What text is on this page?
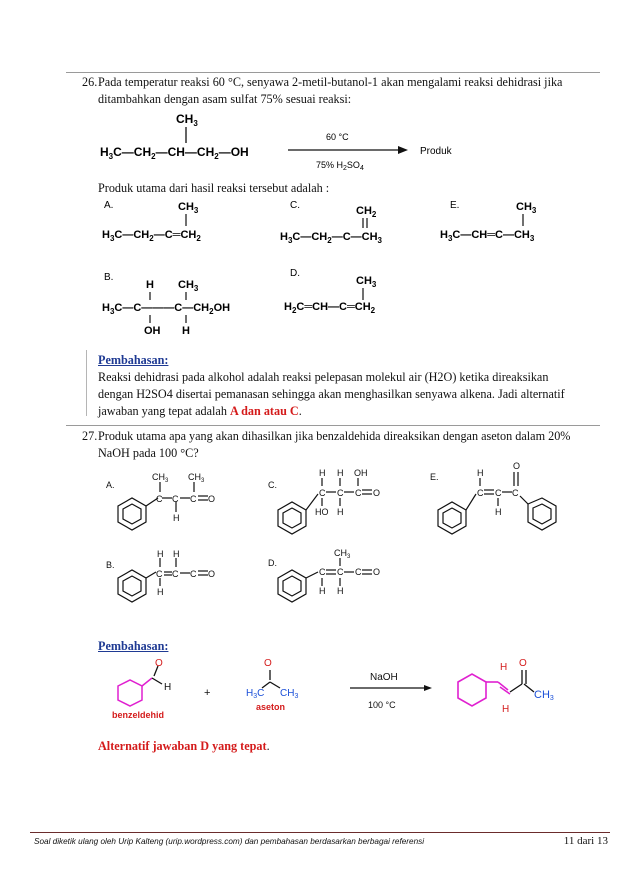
26. Pada temperatur reaksi 60 °C, senyawa 2-metil-butanol-1 akan mengalami reaksi dehidrasi jika
ditambahkan dengan asam sulfat 75% sesuai reaksi:
$CH_3$
$H_3C—CH_2—CH—CH_2—OH$
60 °C
75% $H_2SO_4$
Produk
Produk utama dari hasil reaksi tersebut adalah :
A.	$CH_3$
$H_3C—CH_2—C═CH_2$
C.	$CH_2$
$H_3C—CH_2—C—CH_3$
E.	$CH_3$
$H_3C—CH═C—CH_3$
B.
H $CH_3$
$H_3C—C———C—CH_2OH$
OH H
D.
$CH_3$
$H_2C═CH—C═CH_2$
Pembahasan:
Reaksi dehidrasi pada alkohol adalah reaksi pelepasan molekul air (H2O) ketika direaksikan
dengan H2SO4 disertai pemanasan sehingga akan menghasilkan senyawa alkena. Jadi alternatif
jawaban yang tepat adalah A dan atau C.
27. Produk utama apa yang akan dihasilkan jika benzaldehida direaksikan dengan aseton dalam 20%
NaOH pada 100 °C?
A.
$CH_3$ $CH_3$
C C C O
H
B.
H H
C C C O
H
C.
H H OH
C C C O
HO H
D.
$CH_3$
C C C O
H H
E.	H
O
C C C
H
Pembahasan:
O
H
benzeldehid
+
O
$H_3C$ $CH_3$
aseton
NaOH
100 °C
H
H
O
CH3
Alternatif jawaban D yang tepat.
Soal diketik ulang oleh Urip Kalteng (urip.wordpress.com) dan pembahasan berdasarkan berbagai referensi	11 dari 13
